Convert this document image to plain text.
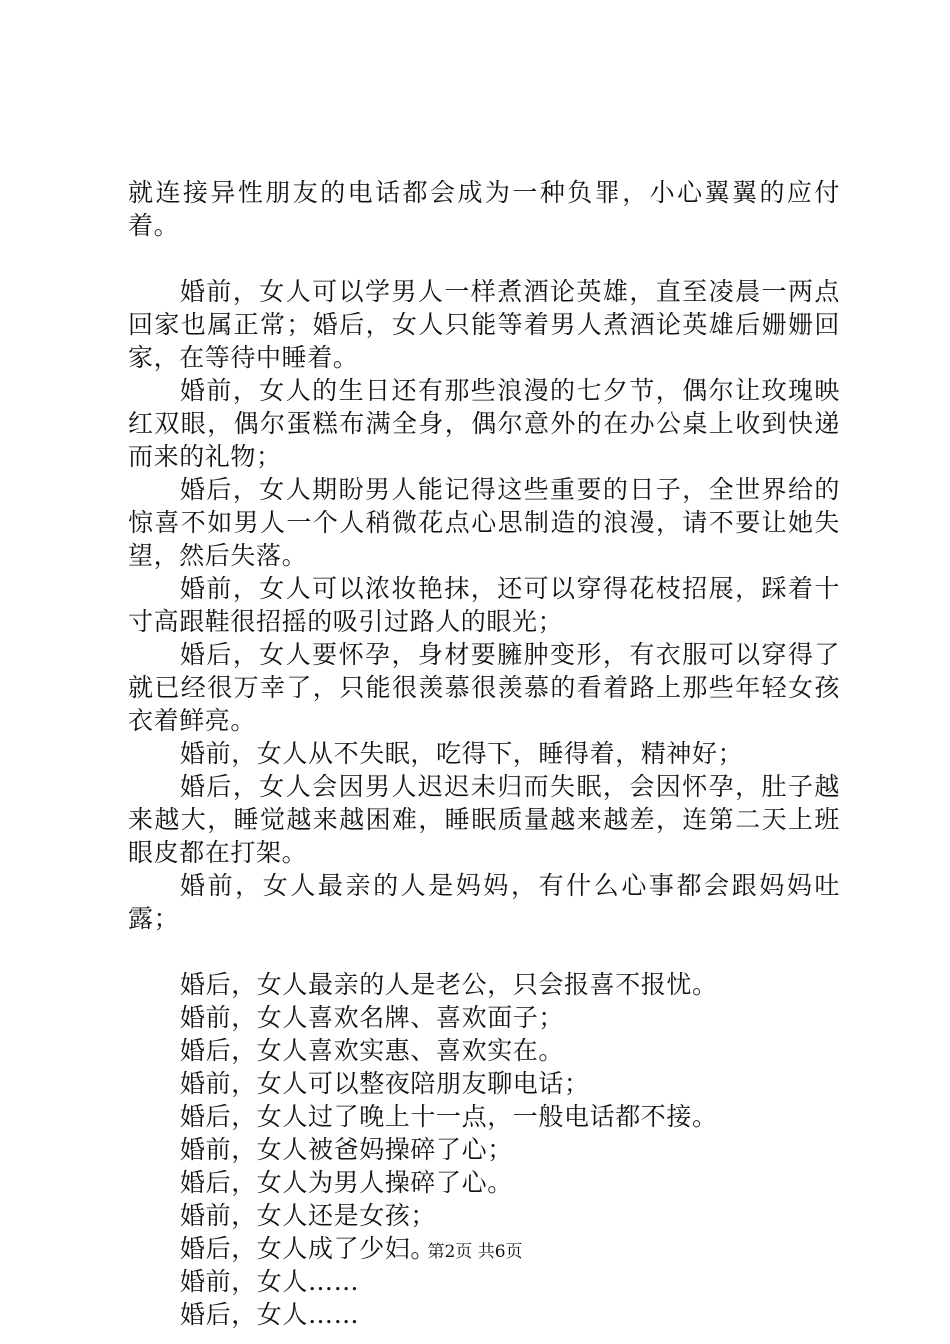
就连接异性朋友的电话都会成为一种负罪，小心翼翼的应付着。

婚前，女人可以学男人一样煮酒论英雄，直至凌晨一两点回家也属正常；婚后，女人只能等着男人煮酒论英雄后姗姗回家，在等待中睡着。

婚前，女人的生日还有那些浪漫的七夕节，偶尔让玫瑰映红双眼，偶尔蛋糕布满全身，偶尔意外的在办公桌上收到快递而来的礼物；

婚后，女人期盼男人能记得这些重要的日子，全世界给的惊喜不如男人一个人稍微花点心思制造的浪漫，请不要让她失望，然后失落。

婚前，女人可以浓妆艳抹，还可以穿得花枝招展，踩着十寸高跟鞋很招摇的吸引过路人的眼光；

婚后，女人要怀孕，身材要臃肿变形，有衣服可以穿得了就已经很万幸了，只能很羡慕很羡慕的看着路上那些年轻女孩衣着鲜亮。

婚前，女人从不失眠，吃得下，睡得着，精神好；

婚后，女人会因男人迟迟未归而失眠，会因怀孕，肚子越来越大，睡觉越来越困难，睡眠质量越来越差，连第二天上班眼皮都在打架。

婚前，女人最亲的人是妈妈，有什么心事都会跟妈妈吐露；

婚后，女人最亲的人是老公，只会报喜不报忧。

婚前，女人喜欢名牌、喜欢面子；

婚后，女人喜欢实惠、喜欢实在。

婚前，女人可以整夜陪朋友聊电话；

婚后，女人过了晚上十一点，一般电话都不接。

婚前，女人被爸妈操碎了心；

婚后，女人为男人操碎了心。

婚前，女人还是女孩；

婚后，女人成了少妇。

婚前，女人……

婚后，女人……

第2页 共6页
